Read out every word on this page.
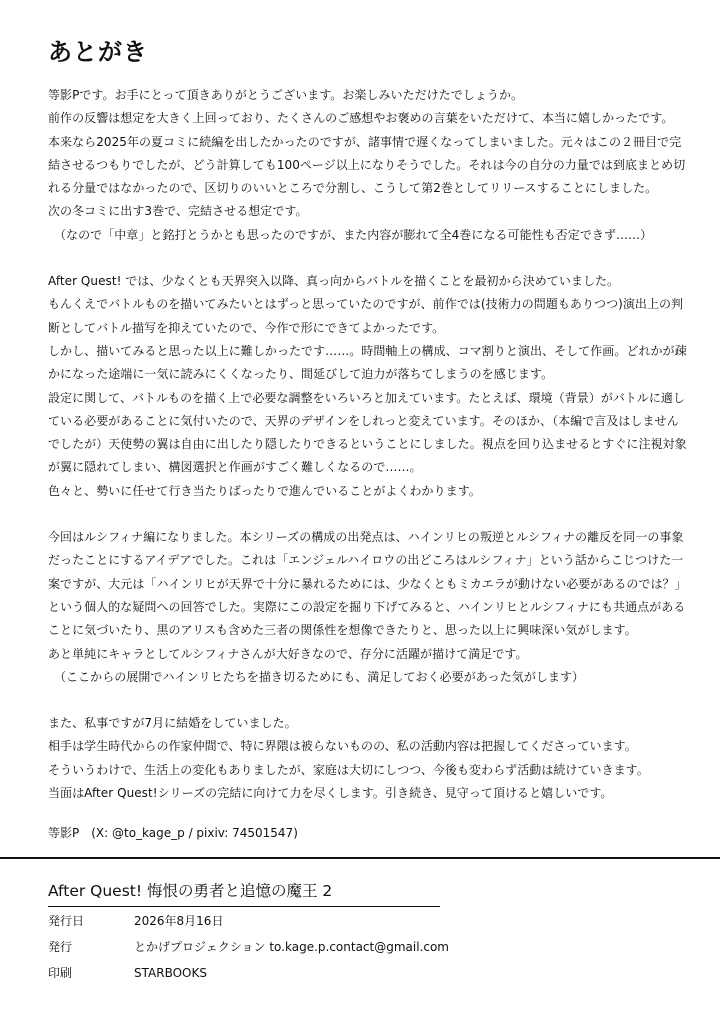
あとがき
等影Pです。お手にとって頂きありがとうございます。お楽しみいただけたでしょうか。
前作の反響は想定を大きく上回っており、たくさんのご感想やお褒めの言葉をいただけて、本当に嬉しかったです。
本来なら2025年の夏コミに続編を出したかったのですが、諸事情で遅くなってしまいました。元々はこの２冊目で完
結させるつもりでしたが、どう計算しても100ページ以上になりそうでした。それは今の自分の力量では到底まとめ切
れる分量ではなかったので、区切りのいいところで分割し、こうして第2巻としてリリースすることにしました。
次の冬コミに出す3巻で、完結させる想定です。
（なので「中章」と銘打とうかとも思ったのですが、また内容が膨れて全4巻になる可能性も否定できず……）
After Quest! では、少なくとも天界突入以降、真っ向からバトルを描くことを最初から決めていました。
もんくえでバトルものを描いてみたいとはずっと思っていたのですが、前作では(技術力の問題もありつつ)演出上の判
断としてバトル描写を抑えていたので、今作で形にできてよかったです。
しかし、描いてみると思った以上に難しかったです……。時間軸上の構成、コマ割りと演出、そして作画。どれかが疎
かになった途端に一気に読みにくくなったり、間延びして迫力が落ちてしまうのを感じます。
設定に関して、バトルものを描く上で必要な調整をいろいろと加えています。たとえば、環境（背景）がバトルに適し
ている必要があることに気付いたので、天界のデザインをしれっと変えています。そのほか、（本編で言及はしません
でしたが）天使勢の翼は自由に出したり隠したりできるということにしました。視点を回り込ませるとすぐに注視対象
が翼に隠れてしまい、構図選択と作画がすごく難しくなるので……。
色々と、勢いに任せて行き当たりばったりで進んでいることがよくわかります。
今回はルシフィナ編になりました。本シリーズの構成の出発点は、ハインリヒの叛逆とルシフィナの離反を同一の事象
だったことにするアイデアでした。これは「エンジェルハイロウの出どころはルシフィナ」という話からこじつけた一
案ですが、大元は「ハインリヒが天界で十分に暴れるためには、少なくともミカエラが動けない必要があるのでは？」
という個人的な疑問への回答でした。実際にこの設定を掘り下げてみると、ハインリヒとルシフィナにも共通点がある
ことに気づいたり、黒のアリスも含めた三者の関係性を想像できたりと、思った以上に興味深い気がします。
あと単純にキャラとしてルシフィナさんが大好きなので、存分に活躍が描けて満足です。
（ここからの展開でハインリヒたちを描き切るためにも、満足しておく必要があった気がします）
また、私事ですが7月に結婚をしていました。
相手は学生時代からの作家仲間で、特に界隈は被らないものの、私の活動内容は把握してくださっています。
そういうわけで、生活上の変化もありましたが、家庭は大切にしつつ、今後も変わらず活動は続けていきます。
当面はAfter Quest!シリーズの完結に向けて力を尽くします。引き続き、見守って頂けると嬉しいです。
等影P　(X: @to_kage_p / pixiv: 74501547)
After Quest! 悔恨の勇者と追憶の魔王 2
発行日	2026年8月16日
発行	とかげプロジェクション to.kage.p.contact@gmail.com
印刷	STARBOOKS
